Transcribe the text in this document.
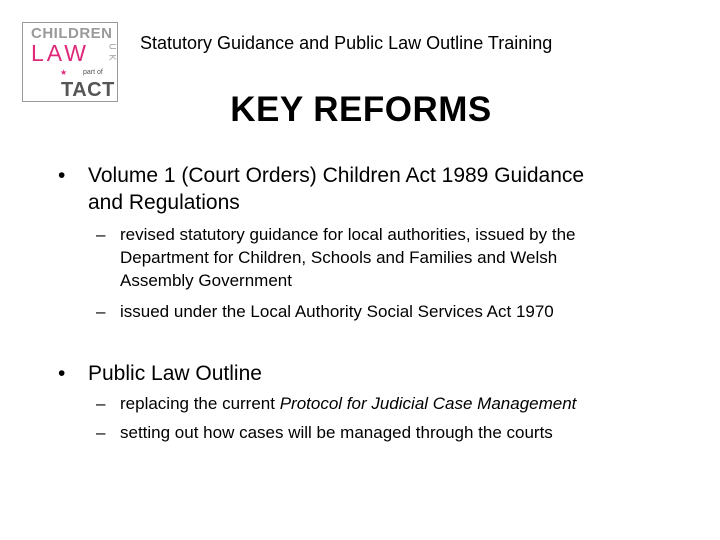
CHILDREN
LAW U
K
★ part of
TACT
Statutory Guidance and Public Law Outline Training
KEY REFORMS
• Volume 1 (Court Orders) Children Act 1989 Guidance
and Regulations
– revised statutory guidance for local authorities, issued by the
Department for Children, Schools and Families and Welsh
Assembly Government
– issued under the Local Authority Social Services Act 1970
• Public Law Outline
– replacing the current Protocol for Judicial Case Management
– setting out how cases will be managed through the courts
